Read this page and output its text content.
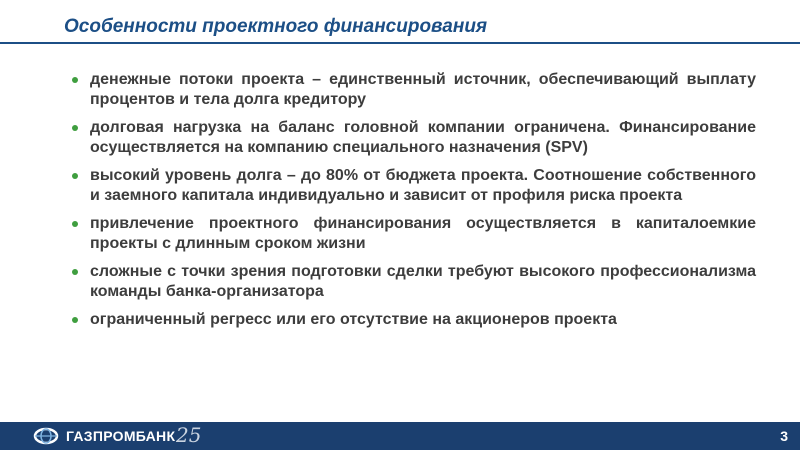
Особенности проектного финансирования
денежные потоки проекта – единственный источник, обеспечивающий выплату процентов и тела долга кредитору
долговая нагрузка на баланс головной компании ограничена. Финансирование осуществляется на компанию специального назначения (SPV)
высокий уровень долга – до 80% от бюджета проекта. Соотношение собственного и заемного капитала индивидуально и зависит от профиля риска проекта
привлечение проектного финансирования осуществляется в капиталоемкие проекты с длинным сроком жизни
сложные с точки зрения подготовки сделки требуют высокого профессионализма команды банка-организатора
ограниченный регресс или его отсутствие на акционеров проекта
ГАЗПРОМБАНК 25	3
